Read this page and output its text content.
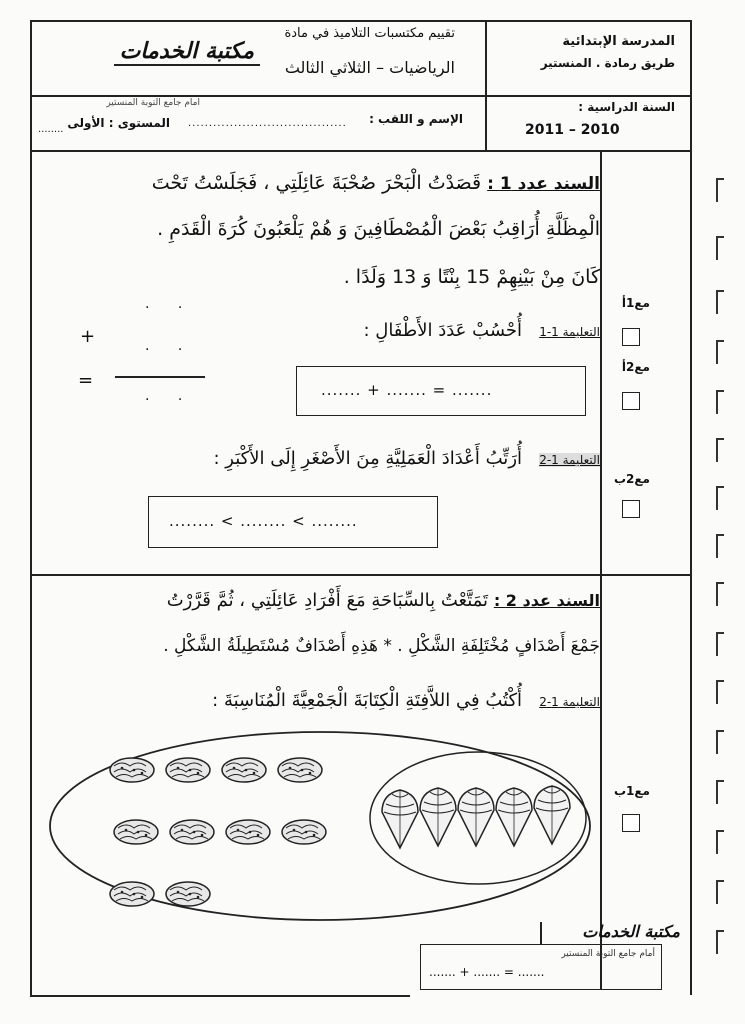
المدرسة الإبتدائية
طريق رمادة . المنستير
السنة الدراسية :
2011 – 2010
تقييم مكتسبات التلاميذ في مادة
الرياضيات – الثلاثي الثالث
مكتبة الخدمات
امام جامع التوبة المنستير
الإسم و اللقب :
......................................
المستوى : الأولى
........
السند عدد 1 : قَصَدْتُ الْبَحْرَ صُحْبَةَ عَائِلَتِي ، فَجَلَسْتُ تَحْتَ
الْمِظَلَّةِ أُرَاقِبُ بَعْضَ الْمُصْطَافِينَ وَ هُمْ يَلْعَبُونَ كُرَةَ الْقَدَمِ .
كَانَ مِنْ بَيْنِهِمْ 15 بِنْتًا وَ 13 وَلَدًا .
التعليمة 1-1   أُحْسُبْ عَدَدَ الأَطْفَالِ :
. .
+	. .
=
. .	....... + ....... = .......
التعليمة 1-2   أُرَتِّبُ أَعْدَادَ الْعَمَلِيَّةِ مِنَ الأَصْغَرِ إِلَى الأَكْبَرِ :
........ < ........ < ........
مع1أ
مع2أ
مع2ب
السند عدد 2 : تَمَتَّعْتُ بِالسِّبَاحَةِ مَعَ أَفْرَادِ عَائِلَتِي ، ثُمَّ قَرَّرْتُ
جَمْعَ أَصْدَافٍ مُخْتَلِفَةِ الشَّكْلِ . * هَذِهِ أَصْدَافٌ مُسْتَطِيلَةُ الشَّكْلِ .
التعليمة 1-2   أُكْتُبُ فِي اللاَّفِتَةِ الْكِتَابَةَ الْجَمْعِيَّةَ الْمُنَاسِبَةَ :
مع1ب
مكتبة الخدمات
أمام جامع التوبة المنستير
....... + ....... = .......
